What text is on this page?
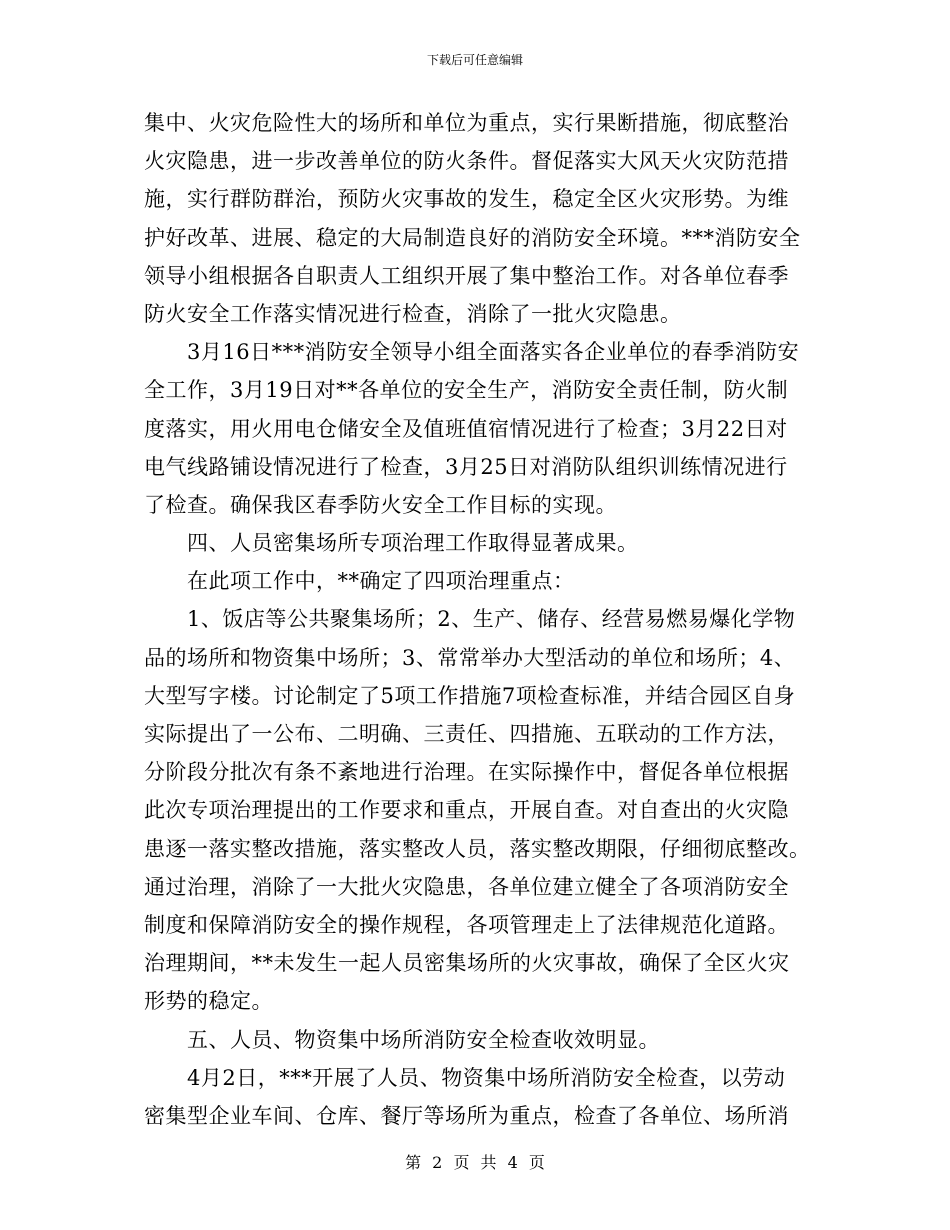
下载后可任意编辑
集中、火灾危险性大的场所和单位为重点，实行果断措施，彻底整治
火灾隐患，进一步改善单位的防火条件。督促落实大风天火灾防范措
施，实行群防群治，预防火灾事故的发生，稳定全区火灾形势。为维
护好改革、进展、稳定的大局制造良好的消防安全环境。***消防安全
领导小组根据各自职责人工组织开展了集中整治工作。对各单位春季
防火安全工作落实情况进行检查，消除了一批火灾隐患。
3月16日***消防安全领导小组全面落实各企业单位的春季消防安
全工作，3月19日对**各单位的安全生产，消防安全责任制，防火制
度落实，用火用电仓储安全及值班值宿情况进行了检查；3月22日对
电气线路铺设情况进行了检查，3月25日对消防队组织训练情况进行
了检查。确保我区春季防火安全工作目标的实现。
四、人员密集场所专项治理工作取得显著成果。
在此项工作中，**确定了四项治理重点：
1、饭店等公共聚集场所；2、生产、储存、经营易燃易爆化学物
品的场所和物资集中场所；3、常常举办大型活动的单位和场所；4、
大型写字楼。讨论制定了5项工作措施7项检查标准，并结合园区自身
实际提出了一公布、二明确、三责任、四措施、五联动的工作方法，
分阶段分批次有条不紊地进行治理。在实际操作中，督促各单位根据
此次专项治理提出的工作要求和重点，开展自查。对自查出的火灾隐
患逐一落实整改措施，落实整改人员，落实整改期限，仔细彻底整改。
通过治理，消除了一大批火灾隐患，各单位建立健全了各项消防安全
制度和保障消防安全的操作规程，各项管理走上了法律规范化道路。
治理期间，**未发生一起人员密集场所的火灾事故，确保了全区火灾
形势的稳定。
五、人员、物资集中场所消防安全检查收效明显。
4月2日，***开展了人员、物资集中场所消防安全检查，以劳动
密集型企业车间、仓库、餐厅等场所为重点，检查了各单位、场所消
第 2 页 共 4 页
